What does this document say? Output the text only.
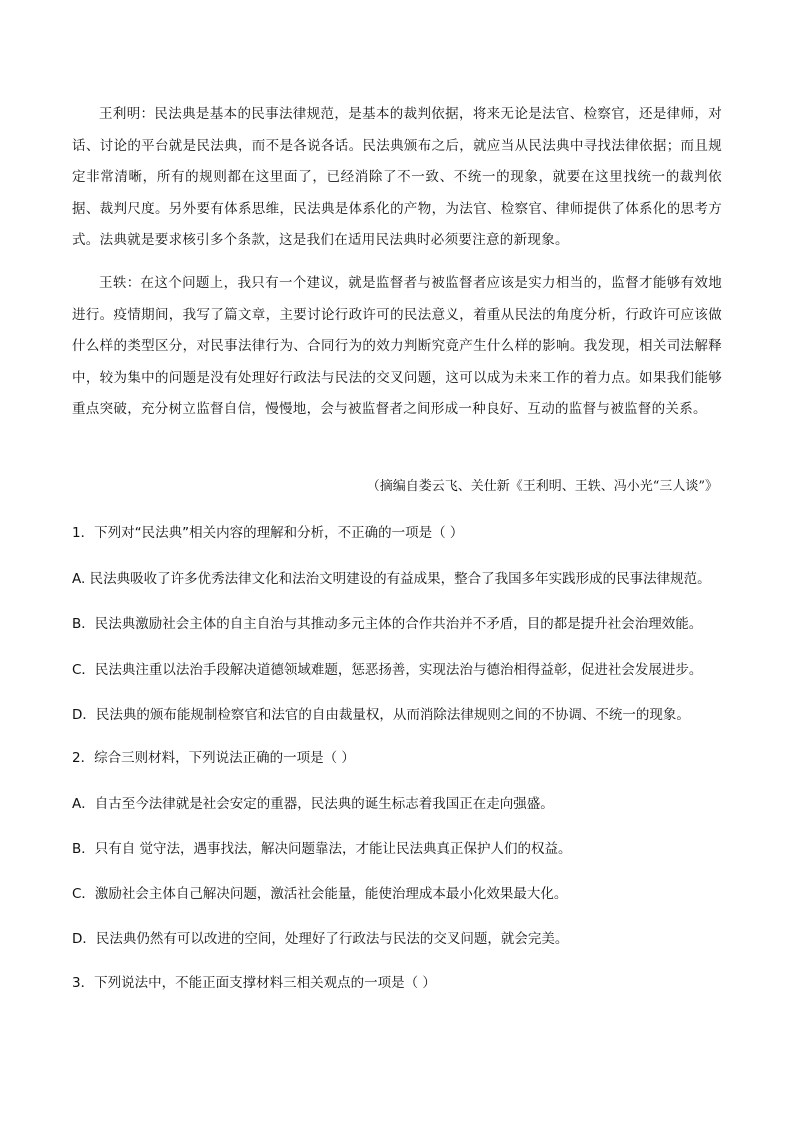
王利明：民法典是基本的民事法律规范，是基本的裁判依据，将来无论是法官、检察官，还是律师，对话、讨论的平台就是民法典，而不是各说各话。民法典颁布之后，就应当从民法典中寻找法律依据；而且规定非常清晰，所有的规则都在这里面了，已经消除了不一致、不统一的现象，就要在这里找统一的裁判依据、裁判尺度。另外要有体系思维，民法典是体系化的产物，为法官、检察官、律师提供了体系化的思考方式。法典就是要求核引多个条款，这是我们在适用民法典时必须要注意的新现象。

王轶：在这个问题上，我只有一个建议，就是监督者与被监督者应该是实力相当的，监督才能够有效地进行。疫情期间，我写了篇文章，主要讨论行政许可的民法意义，着重从民法的角度分析，行政许可应该做什么样的类型区分，对民事法律行为、合同行为的效力判断究竟产生什么样的影响。我发现，相关司法解释中，较为集中的问题是没有处理好行政法与民法的交叉问题，这可以成为未来工作的着力点。如果我们能够重点突破，充分树立监督自信，慢慢地，会与被监督者之间形成一种良好、互动的监督与被监督的关系。

（摘编自娄云飞、关仕新《王利明、王轶、冯小光“三人谈”》

1．下列对“民法典”相关内容的理解和分析，不正确的一项是（ ）

A. 民法典吸收了许多优秀法律文化和法治文明建设的有益成果，整合了我国多年实践形成的民事法律规范。

B．民法典激励社会主体的自主自治与其推动多元主体的合作共治并不矛盾，目的都是提升社会治理效能。

C．民法典注重以法治手段解决道德领域难题，惩恶扬善，实现法治与德治相得益彰，促进社会发展进步。

D．民法典的颁布能规制检察官和法官的自由裁量权，从而消除法律规则之间的不协调、不统一的现象。

2．综合三则材料，下列说法正确的一项是（ ）

A．自古至今法律就是社会安定的重器，民法典的诞生标志着我国正在走向强盛。

B．只有自 觉守法，遇事找法，解决问题靠法，才能让民法典真正保护人们的权益。

C．激励社会主体自己解决问题，激活社会能量，能使治理成本最小化效果最大化。

D．民法典仍然有可以改进的空间，处理好了行政法与民法的交叉问题，就会完美。

3．下列说法中，不能正面支撑材料三相关观点的一项是（ ）
